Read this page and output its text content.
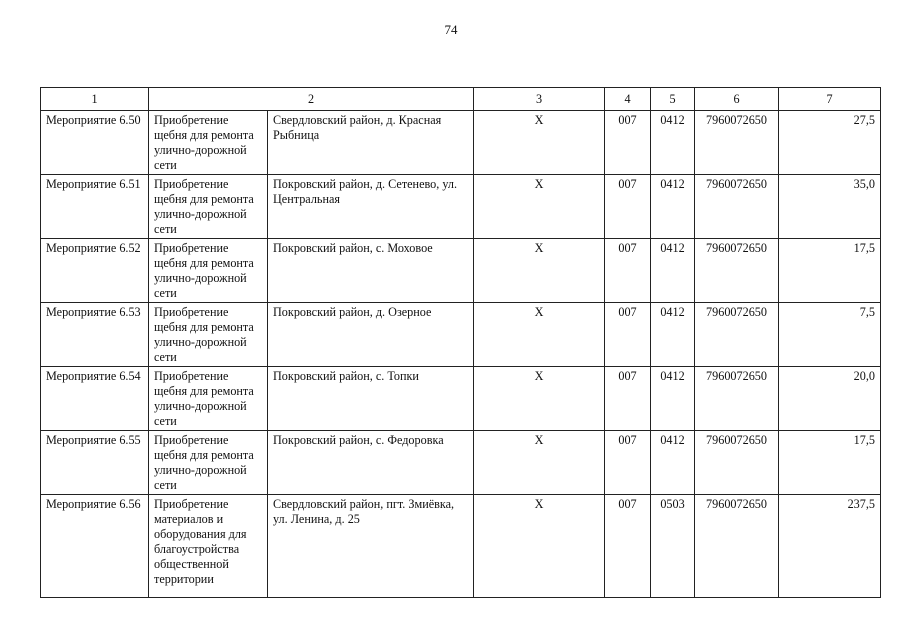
74
1	2		3	4	5	6	7
Мероприятие 6.50	Приобретение щебня для ремонта улично-дорожной сети	Свердловский район, д. Красная Рыбница	Х	007	0412	7960072650	27,5
Мероприятие 6.51	Приобретение щебня для ремонта улично-дорожной сети	Покровский район, д. Сетенево, ул. Центральная	Х	007	0412	7960072650	35,0
Мероприятие 6.52	Приобретение щебня для ремонта улично-дорожной сети	Покровский район, с. Моховое	Х	007	0412	7960072650	17,5
Мероприятие 6.53	Приобретение щебня для ремонта улично-дорожной сети	Покровский район, д. Озерное	Х	007	0412	7960072650	7,5
Мероприятие 6.54	Приобретение щебня для ремонта улично-дорожной сети	Покровский район, с. Топки	Х	007	0412	7960072650	20,0
Мероприятие 6.55	Приобретение щебня для ремонта улично-дорожной сети	Покровский район, с. Федоровка	Х	007	0412	7960072650	17,5
Мероприятие 6.56	Приобретение материалов и оборудования для благоустройства общественной территории	Свердловский район, пгт. Змиёвка, ул. Ленина, д. 25	Х	007	0503	7960072650	237,5
